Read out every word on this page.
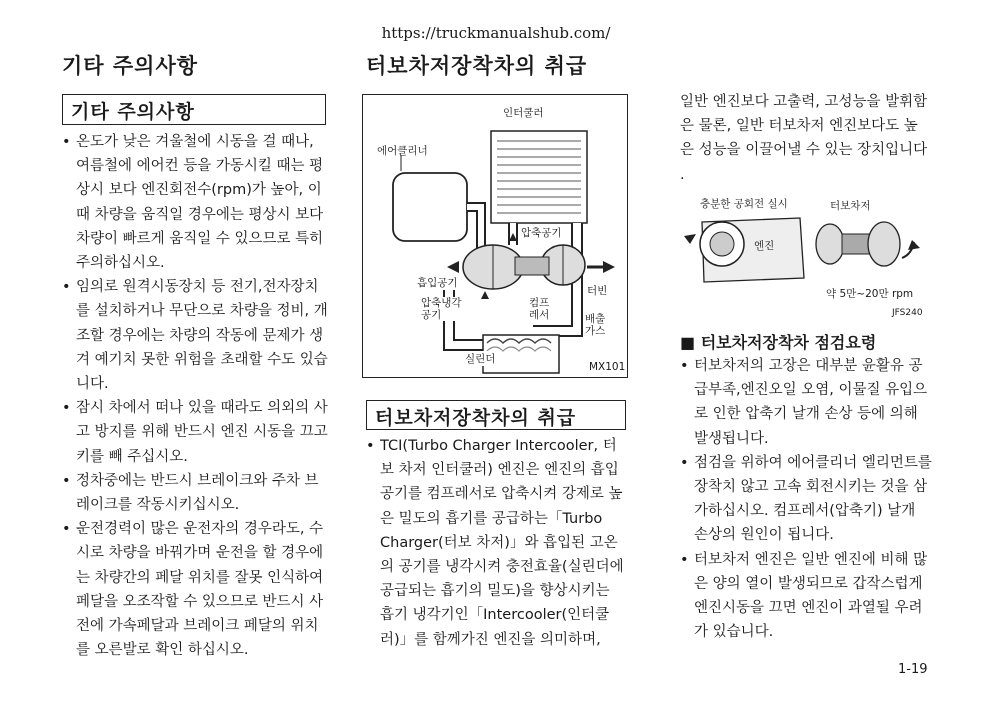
https://truckmanualshub.com/
기타 주의사항	터보차저장착차의 취급
기타 주의사항
• 온도가 낮은 겨울철에 시동을 걸 때나, 여름철에 에어컨 등을 가동시킬 때는 평상시 보다 엔진회전수(rpm)가 높아, 이때 차량을 움직일 경우에는 평상시 보다 차량이 빠르게 움직일 수 있으므로 특히 주의하십시오.
• 임의로 원격시동장치 등 전기,전자장치를 설치하거나 무단으로 차량을 정비, 개조할 경우에는 차량의 작동에 문제가 생겨 예기치 못한 위험을 초래할 수도 있습니다.
• 잠시 차에서 떠나 있을 때라도 의외의 사고 방지를 위해 반드시 엔진 시동을 끄고 키를 빼 주십시오.
• 정차중에는 반드시 브레이크와 주차 브레이크를 작동시키십시오.
• 운전경력이 많은 운전자의 경우라도, 수시로 차량을 바꿔가며 운전을 할 경우에는 차량간의 페달 위치를 잘못 인식하여 페달을 오조작할 수 있으므로 반드시 사전에 가속페달과 브레이크 페달의 위치를 오른발로 확인 하십시오.
인터쿨러
에어클리너
압축공기
흡입공기
터빈
압축냉각
공기
컴프
레서	배출
가스
실린더
MX101
터보차저장착차의 취급
• TCI(Turbo Charger Intercooler, 터보 차저 인터쿨러) 엔진은 엔진의 흡입공기를 컴프레서로 압축시켜 강제로 높은 밀도의 흡기를 공급하는「Turbo Charger(터보 차저)」와 흡입된 고온의 공기를 냉각시켜 충전효율(실린더에 공급되는 흡기의 밀도)을 향상시키는 흡기 냉각기인「Intercooler(인터쿨러)」를 함께가진 엔진을 의미하며,
일반 엔진보다 고출력, 고성능을 발휘함은 물론, 일반 터보차저 엔진보다도 높은 성능을 이끌어낼 수 있는 장치입니다 .
충분한 공회전 실시	터보차저
엔진
약 5만~20만 rpm
JFS240
■ 터보차저장착차 점검요령
• 터보차저의 고장은 대부분 윤활유 공급부족,엔진오일 오염, 이물질 유입으로 인한 압축기 날개 손상 등에 의해 발생됩니다.
• 점검을 위하여 에어클리너 엘리먼트를 장착치 않고 고속 회전시키는 것을 삼가하십시오. 컴프레서(압축기) 날개 손상의 원인이 됩니다.
• 터보차저 엔진은 일반 엔진에 비해 많은 양의 열이 발생되므로 갑작스럽게 엔진시동을 끄면 엔진이 과열될 우려가 있습니다.
1-19
